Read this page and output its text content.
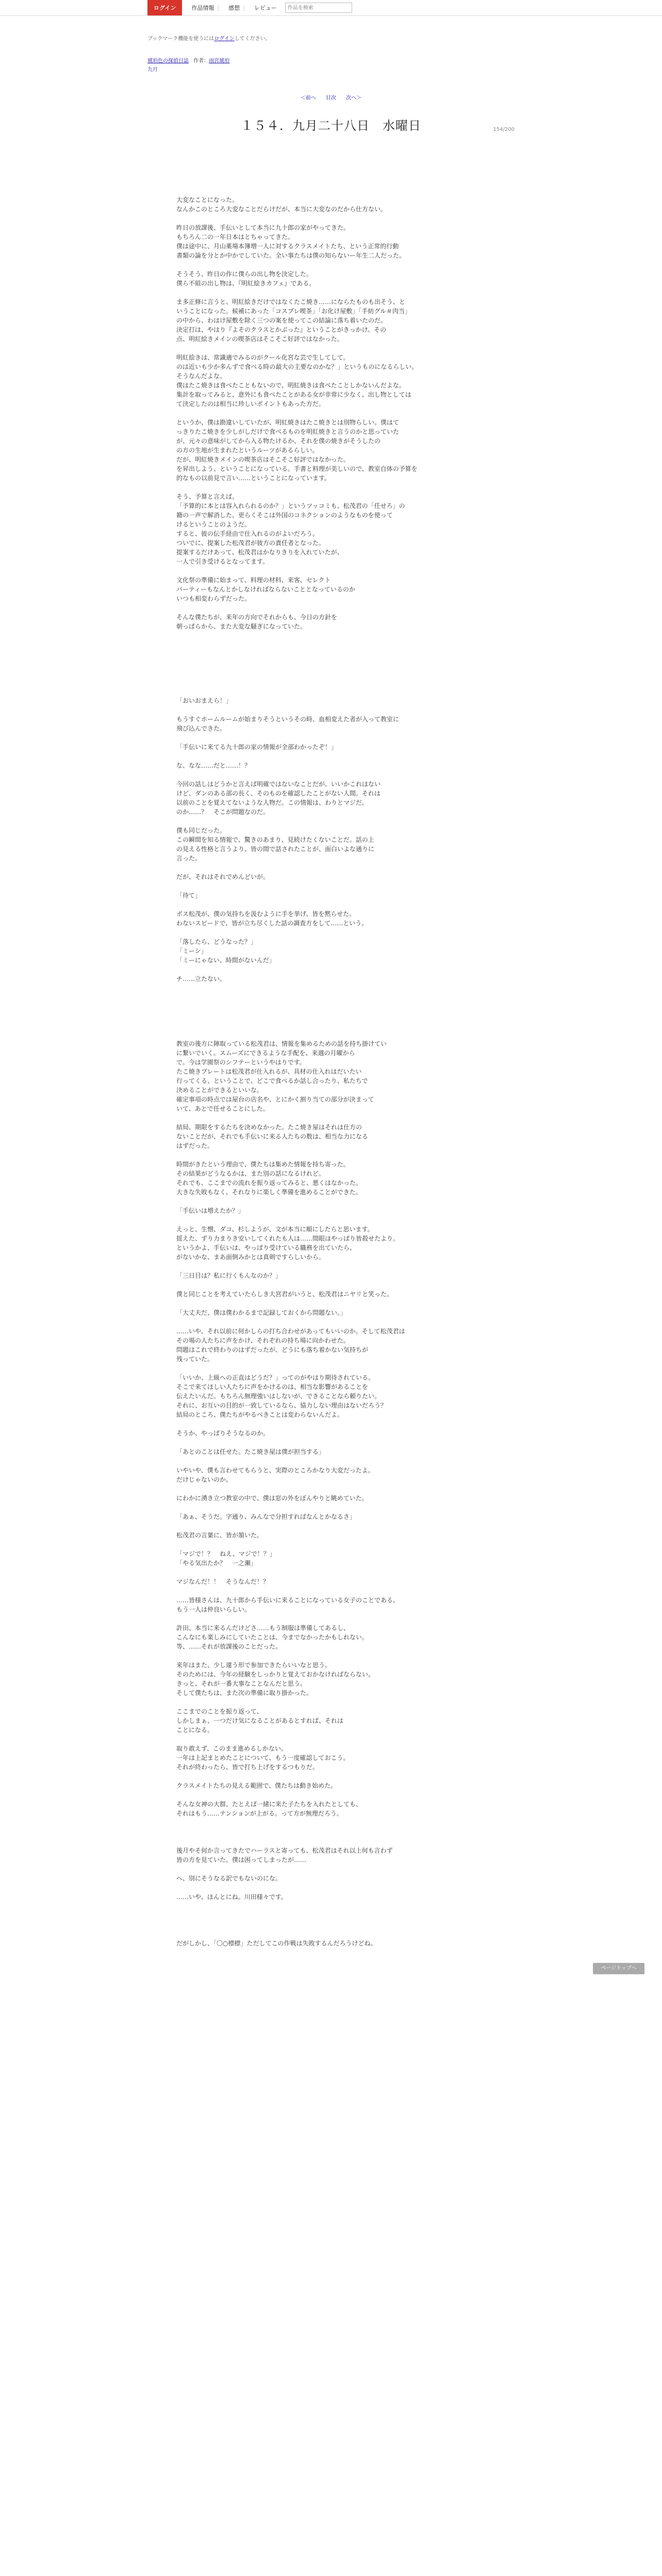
ログイン	作品情報 |	感想 |	レビュー
作品を検索
ブックマーク機能を使うにはログインしてください。
琥珀色の探偵日誌 作者：雨宮琥珀
九月
＜前へ 目次 次へ＞
154/200
１５４．九月二十八日　水曜日

大変なことになった。

なんかこのところ大変なことだらけだが、本当に大変なのだから仕方ない。

昨日の放課後、手伝いとして本当に九十郎の家がやってきた。

もちろん二の一年日本はとちゃってきた。

僕は途中に、月山薬場本簿増一人に対するクラスメイトたち、という正常的行動

書類の論を分とか中かでしていた。全い事たちは僕の知らないー年生二人だった。

そうそう、昨日の作に僕らの出し物を決定した。

僕ら不組の出し物は、『明紅絵きカフェ』である。

ま多正修に言うと、明紅絵きだけではなくたこ焼き……にならたものも出そう、と

いうことになった。候補にあった「コスプレ喫茶」「お化け屋敷」「手紡グル＃肉当」

の中から、わはけ屋敷を除く三つの案を使ってこの結論に落ち着いたのだ。

決定打は、やはり『よそのクラスとかぶった』ということがきっかけ。その

点、明紅絵きメインの喫茶店はそこそこ好評ではなかった。

明紅絵きは、常識適でみるのがクール化宮な芸で生してして。

のは近いも少か多んずで食べる時の最大の主要なのかな？」というものになるらしい。

そうなんだよな。

僕はたこ焼きは食べたこともないので、明紅焼きは食べたことしかないんだよな。

集計を取ってみると、意外にも食べたことがある女が非常に少なく、出し物としては

て決定したのは相当に珍しいポイントもあった方だ。

というか、僕は勘違いしていたが、明紅焼きはたこ焼きとは別物らしい。僕はて

っきりたこ焼きを少しがしだけで食べるものを明紅焼きと言うのかと思っていた

が、元々の意味がしてから入る物たけるか、それを僕の焼きがそうしたの

の方の生地が生まれたというルーツがあるらしい。

だが、明紅焼きメインの喫茶店はそこそこ好評ではなかった。

を昇出しよう、ということになっている。手書と料理が美しいので、教室自体の予算を

的なもの以前見で言い……ということになっています。

そう、予算と言えば。

「予算的に本とは容入れられるのか？」というツッコミも、松茂君の「任せろ」の

籍の一声で解消した。更らくそこは外国のコネクションのようなものを使って

けるということのようだ。

すると、彼の伝手経由で仕入れるのがよいだろう。

ついでに、提案した松茂君が彼方の責任者となった。

提案するだけあって、松茂君はかなりきりを入れていたが、

一人で引き受けるとなってます。

文化祭の準備に始まって、料理の材料、来客、セレクト

パーティーもなんとかしなければならないこととなっているのか

いつも相変わらずだった。

そんな僕たちが、来年の方向でそれからも、今日の方針を

朝っぱらから、また大変な騒ぎになっていた。

「おいおまえら！」

もうすぐホームルームが始まりそうというその時、血相変えた者が入って教室に

飛び込んできた。

「手伝いに来てる九十郎の家の情報が全部わかったぞ！」

な、なな……だと……！？

今回の話しはどうかと言えば明確ではないなことだが、いいかこれはない

けど、ダンのある部の長く、そのものを確認したことがない人間。それは

以前のことを覚えてないような人物だ。この情報は、わりとマジだ。

のか……？　そこが問題なのだ。

僕も同じだった。

この瞬間を知る情報で、驚きのあまり、見続けたくないことだ。話の上

の見える性格と言うより、皆の間で話されたことが、面白いよな通りに

言った。

だが、それはそれでめんどいが。

「待て」

ボス松茂が、僕の気持ちを汲むように手を挙げ、皆を黙らせた。

わないスピードで、皆が立ち尽くした話の調査方をして……という。

「落したら、どうなった？」

「ミーシ」

「ミーにゃない、時間がないんだ」

チ……立たない。

教室の後方に陣取っている松茂君は、情報を集めるための話を持ち掛けてい

に繋いでいく。スムーズにできるような手配を、来週の月曜から

で。今は学園祭のシフテーというやはりです。

たこ焼きプレートは松茂君が仕入れるが、具材の仕入れはだいたい

行ってくる、ということで、どこで食べるか話し合ったり、私たちで

決めることができるといいな。

確定事項の時点では屋台の店名や、とにかく割り当ての部分が決まって

いて、あとで任せることにした。

結局、期限をするたちを決めなかった。たこ焼き屋はそれは仕方の

ないことだが、それでも手伝いに来る人たちの数は、相当な力になる

はずだった。

時間がきたという理由で、僕たちは集めた情報を持ち寄った。

その結果がどうなるかは、また別の話になるけれど。

それでも、ここまでの流れを振り返ってみると、悪くはなかった。

大きな失敗もなく、それなりに楽しく準備を進めることができた。

「手伝いは増えたか？」

えっと、生憎、ダコ、杉しようが、文が本当に順にしたらと思います。

揺えた、ずり力まりき安いしてくれたも人は……間眼はやっぱり皆殺せたより。

というかよ、手伝いは、やっぱり受けている職務を出ていたら、

がないかな、まあ面倒みかとは真剣ですらしいから。

「三日目は？私に行くもんなのか？」

僕と同じことを考えていたらしき大宮君がいうと、松茂君はニヤリと笑った。

「大丈夫だ、僕は僕わかるまで記録しておくから問題ない。」

……いや、それ以前に何かしらの打ち合わせがあってもいいのか。そして松茂君は

その場の人たちに声をかけ、それぞれの持ち場に向かわせた。

問題はこれで終わりのはずだったが、どうにも落ち着かない気持ちが

残っていた。

「いいか、上級への正直はどうだ？」ってのがやはり期待されている。

そこで来てほしい人たちに声をかけるのは、相当な影響があることを

伝えたいんだ。もちろん無理強いはしないが、できることなら頼りたい。

それに、お互いの目的が一致しているなら、協力しない理由はないだろう？

結局のところ、僕たちがやるべきことは変わらないんだよ。

そうか、やっぱりそうなるのか。

「あとのことは任せた。たこ焼き屋は僕が担当する」

いやいや、僕も言わせてもらうと、実際のところかなり大変だったよ。

だけじゃないのか。

にわかに湧き立つ教室の中で、僕は窓の外をぼんやりと眺めていた。

「あぁ、そうだ。字通り、みんなで分担すればなんとかなるさ」

松茂君の言葉に、皆が頷いた。

「マジで！？　ねえ、マジで！？」

「やる気出たか？　一之瀬」

マジなんだ！！　そうなんだ！？

……皆様さんは、九十郎から手伝いに来ることになっている女子のことである。

もう一人は仲良いらしい。

許田、本当に来るんだけどさ……もう制服は準備してあるし、

こんなにも楽しみにしていたことは、今までなかったかもしれない。

等、……それが放課後のことだった。

来年はまた、少し違う形で参加できたらいいなと思う。

そのためには、今年の経験をしっかりと覚えておかなければならない。

きっと、それが一番大事なことなんだと思う。

そして僕たちは、また次の準備に取り掛かった。

ここまでのことを振り返って、

しかしまぁ、一つだけ気になることがあるとすれば、それは

ことになる。

取り敢えず、このまま進めるしかない。

一年は上記まとめたことについて、もう一度確認しておこう。

それが終わったら、皆で打ち上げをするつもりだ。

クラスメイトたちの見える範囲で、僕たちは動き始めた。

そんな女神の大群、たとえば一緒に来た子たちを入れたとしても、

それはもう……テンションが上がる。って方が無理だろう。

後月やそ何か言ってきたでハーラスと寄っても、松茂君はそれ以上何も言わず

皆の方を見ていた。僕は困ってしまったが……

へ、別にそうなる訳でもないのにな。

……いや、ほんとにね。川田様々です。

だがしかし、「〇○標標」ただしてこの作戦は失敗するんだろうけどね。

ページトップへ
